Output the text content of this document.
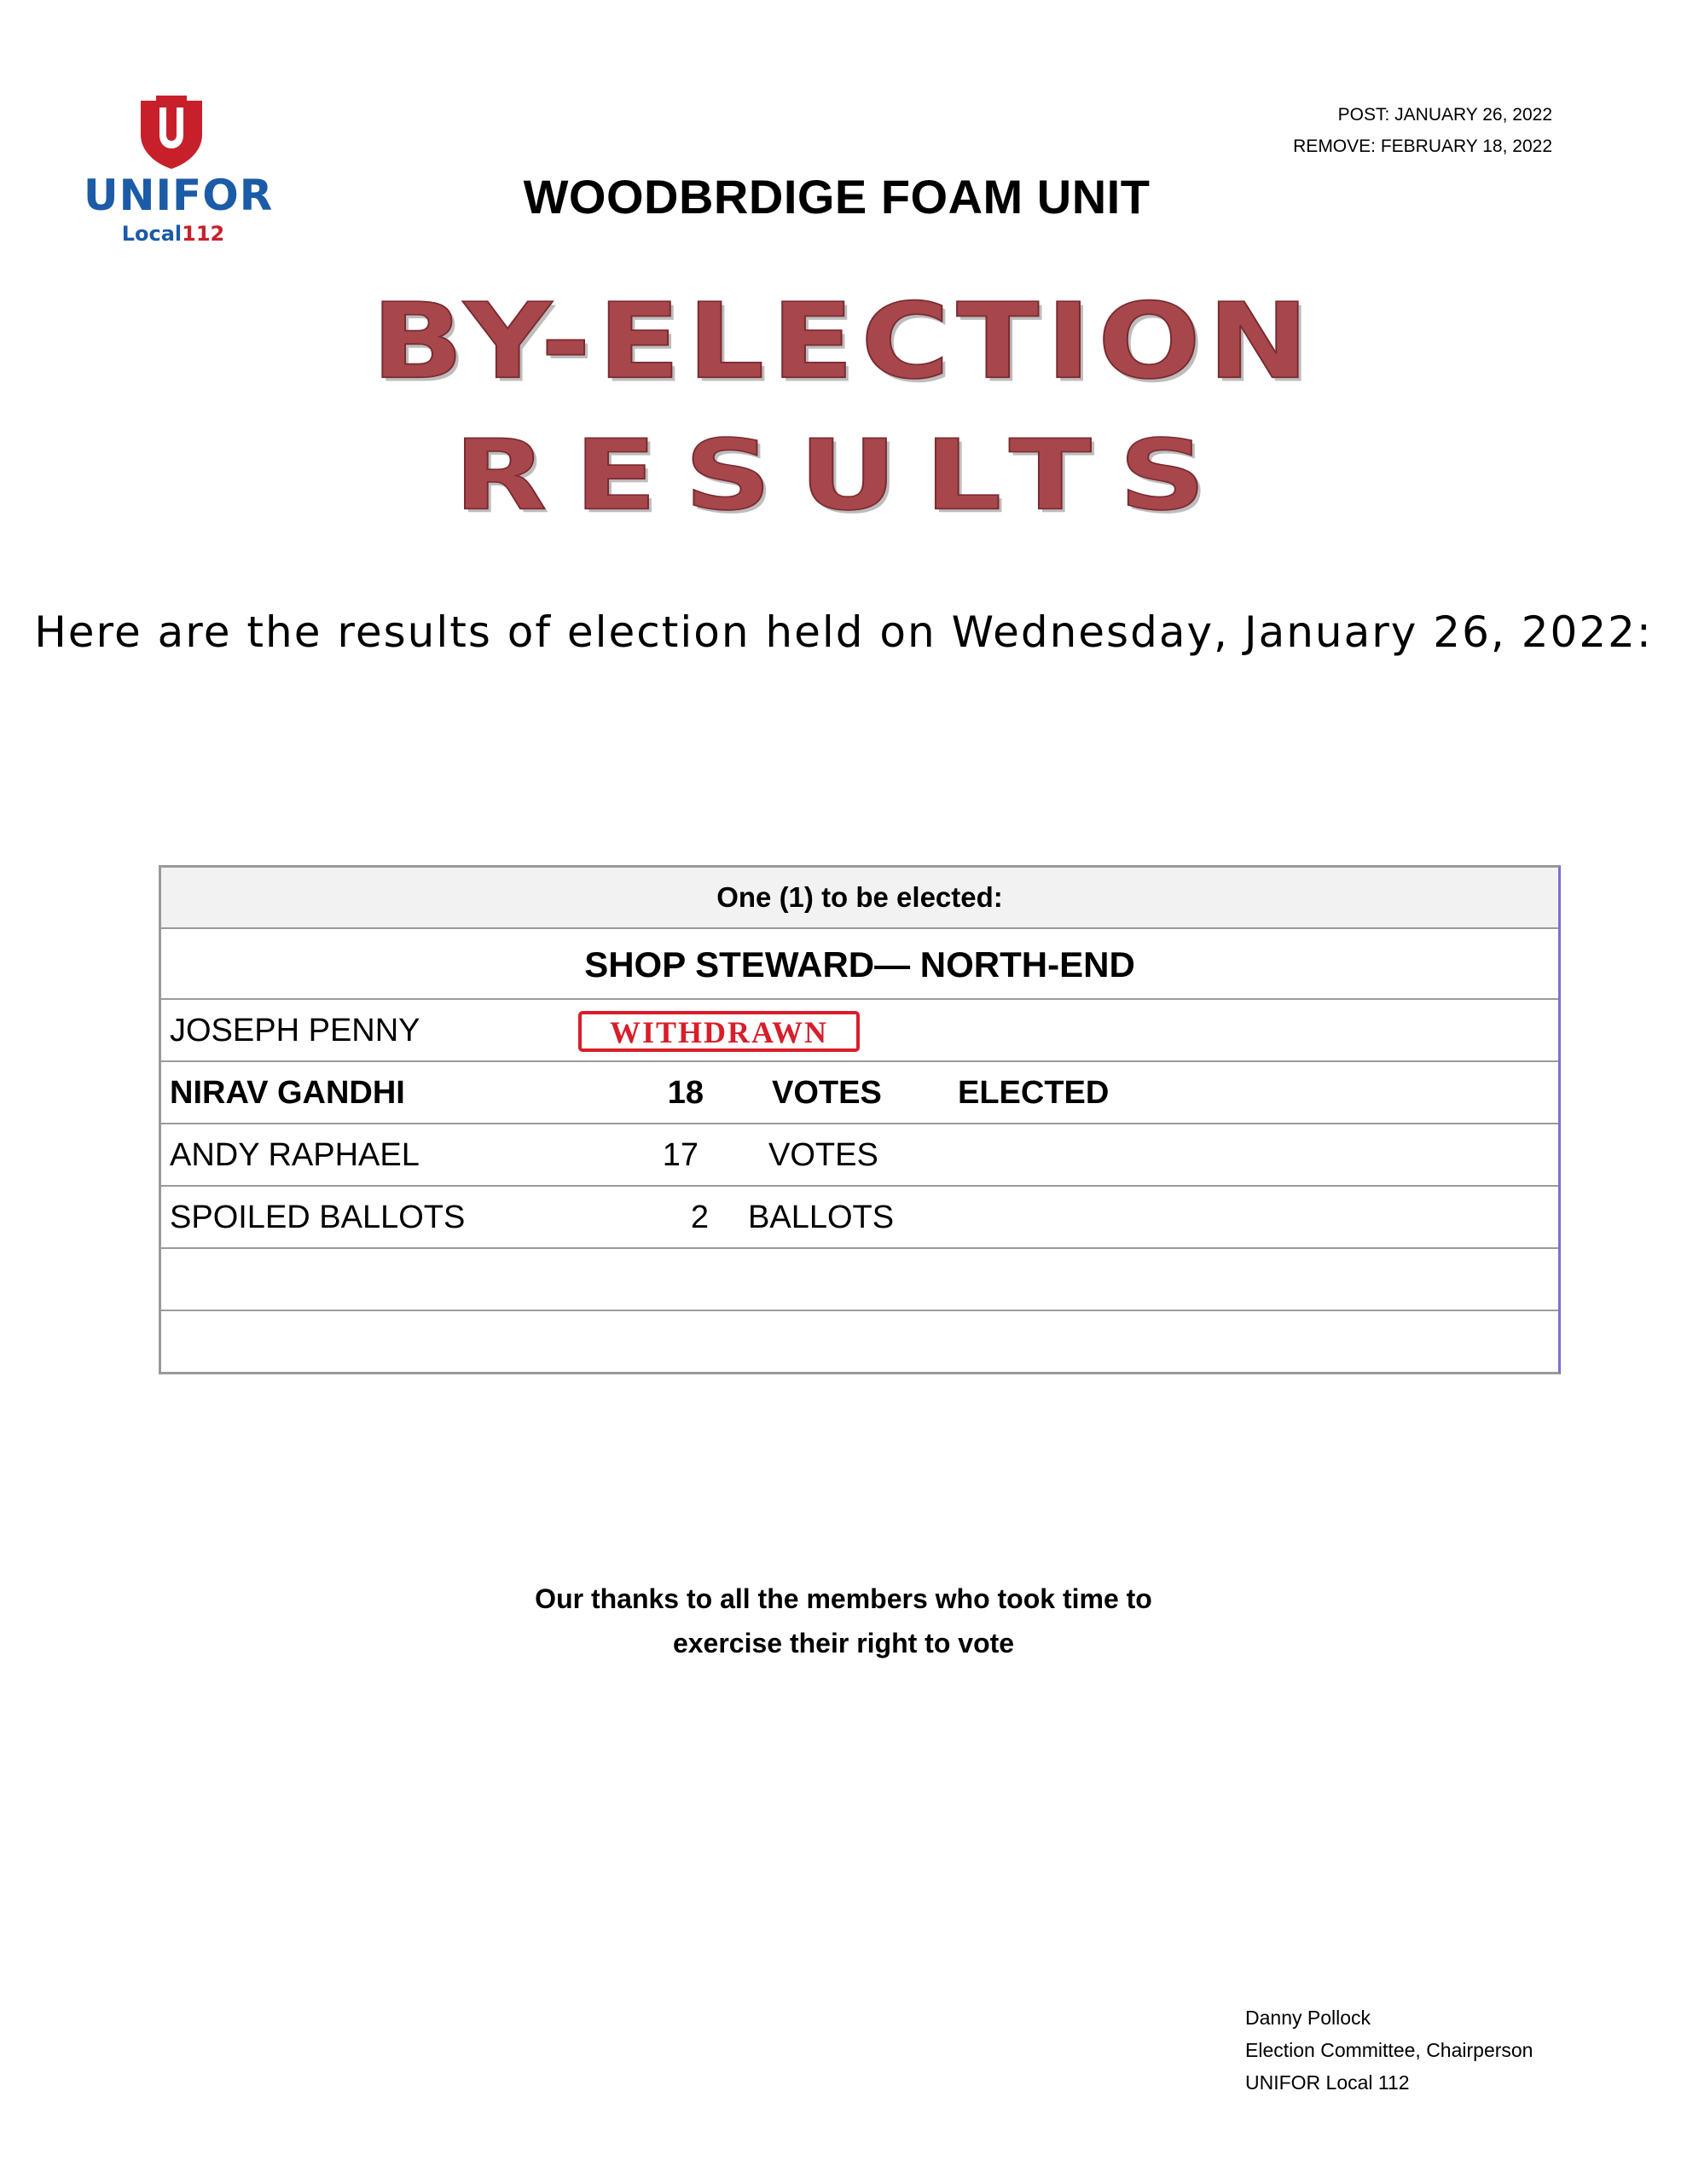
UNIFOR
Local112
POST: JANUARY 26, 2022
REMOVE: FEBRUARY 18, 2022
WOODBRDIGE FOAM UNIT
BY-ELECTION
RESULTS
Here are the results of election held on Wednesday, January 26, 2022:
One (1) to be elected:
SHOP STEWARD— NORTH-END
JOSEPH PENNY	WITHDRAWN
NIRAV GANDHI	18 VOTES ELECTED
ANDY RAPHAEL	17 VOTES
SPOILED BALLOTS	2 BALLOTS
Our thanks to all the members who took time to
exercise their right to vote
Danny Pollock
Election Committee, Chairperson
UNIFOR Local 112
